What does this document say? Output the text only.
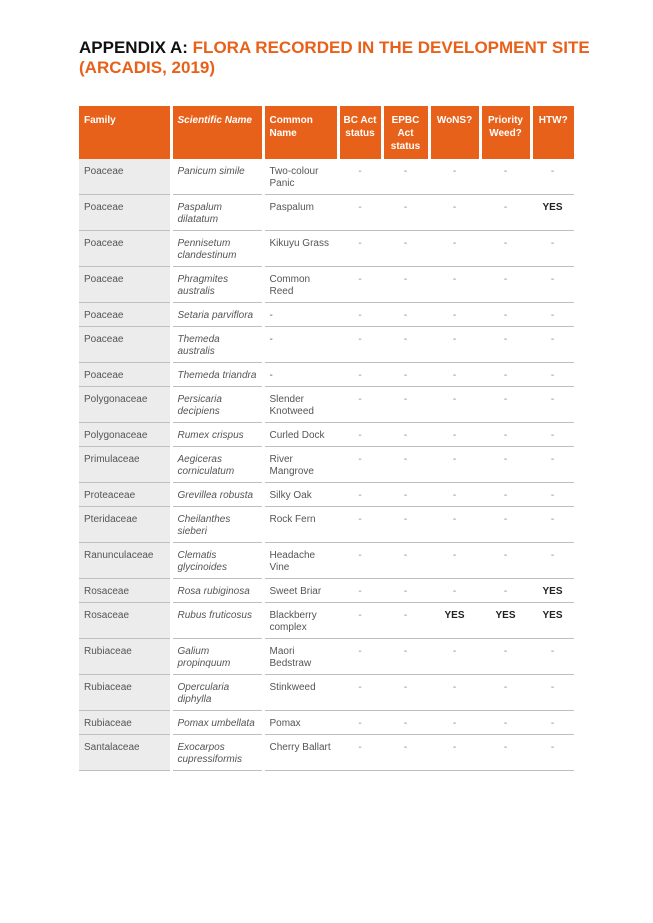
APPENDIX A: FLORA RECORDED IN THE DEVELOPMENT SITE (ARCADIS, 2019)
Family	Scientific Name	Common Name	BC Act status	EPBC Act status	WoNS?	Priority Weed?	HTW?
Poaceae	Panicum simile	Two-colour Panic	-	-	-	-	-
Poaceae	Paspalum dilatatum	Paspalum	-	-	-	-	YES
Poaceae	Pennisetum clandestinum	Kikuyu Grass	-	-	-	-	-
Poaceae	Phragmites australis	Common Reed	-	-	-	-	-
Poaceae	Setaria parviflora	-	-	-	-	-	-
Poaceae	Themeda australis	-	-	-	-	-	-
Poaceae	Themeda triandra	-	-	-	-	-	-
Polygonaceae	Persicaria decipiens	Slender Knotweed	-	-	-	-	-
Polygonaceae	Rumex crispus	Curled Dock	-	-	-	-	-
Primulaceae	Aegiceras corniculatum	River Mangrove	-	-	-	-	-
Proteaceae	Grevillea robusta	Silky Oak	-	-	-	-	-
Pteridaceae	Cheilanthes sieberi	Rock Fern	-	-	-	-	-
Ranunculaceae	Clematis glycinoides	Headache Vine	-	-	-	-	-
Rosaceae	Rosa rubiginosa	Sweet Briar	-	-	-	-	YES
Rosaceae	Rubus fruticosus	Blackberry complex	-	-	YES	YES	YES
Rubiaceae	Galium propinquum	Maori Bedstraw	-	-	-	-	-
Rubiaceae	Opercularia diphylla	Stinkweed	-	-	-	-	-
Rubiaceae	Pomax umbellata	Pomax	-	-	-	-	-
Santalaceae	Exocarpos cupressiformis	Cherry Ballart	-	-	-	-	-
